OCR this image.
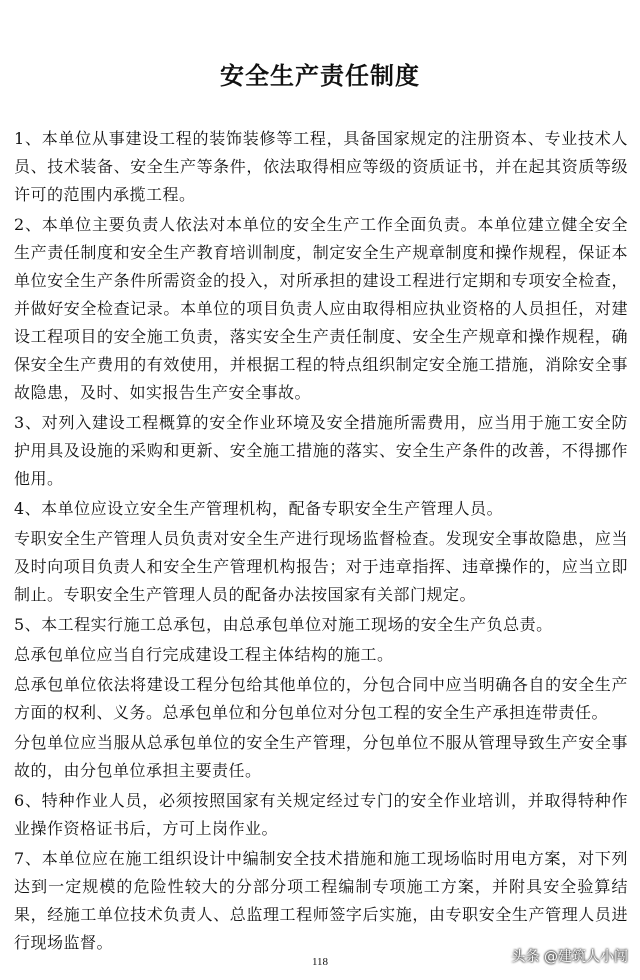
安全生产责任制度

1、本单位从事建设工程的装饰装修等工程，具备国家规定的注册资本、专业技术人员、技术装备、安全生产等条件，依法取得相应等级的资质证书，并在起其资质等级许可的范围内承揽工程。

2、本单位主要负责人依法对本单位的安全生产工作全面负责。本单位建立健全安全生产责任制度和安全生产教育培训制度，制定安全生产规章制度和操作规程，保证本单位安全生产条件所需资金的投入，对所承担的建设工程进行定期和专项安全检查，并做好安全检查记录。本单位的项目负责人应由取得相应执业资格的人员担任，对建设工程项目的安全施工负责，落实安全生产责任制度、安全生产规章和操作规程，确保安全生产费用的有效使用，并根据工程的特点组织制定安全施工措施，消除安全事故隐患，及时、如实报告生产安全事故。

3、对列入建设工程概算的安全作业环境及安全措施所需费用，应当用于施工安全防护用具及设施的采购和更新、安全施工措施的落实、安全生产条件的改善，不得挪作他用。

4、本单位应设立安全生产管理机构，配备专职安全生产管理人员。

专职安全生产管理人员负责对安全生产进行现场监督检查。发现安全事故隐患，应当及时向项目负责人和安全生产管理机构报告；对于违章指挥、违章操作的，应当立即制止。专职安全生产管理人员的配备办法按国家有关部门规定。

5、本工程实行施工总承包，由总承包单位对施工现场的安全生产负总责。

总承包单位应当自行完成建设工程主体结构的施工。

总承包单位依法将建设工程分包给其他单位的，分包合同中应当明确各自的安全生产方面的权利、义务。总承包单位和分包单位对分包工程的安全生产承担连带责任。

分包单位应当服从总承包单位的安全生产管理，分包单位不服从管理导致生产安全事故的，由分包单位承担主要责任。

6、特种作业人员，必须按照国家有关规定经过专门的安全作业培训，并取得特种作业操作资格证书后，方可上岗作业。

7、本单位应在施工组织设计中编制安全技术措施和施工现场临时用电方案，对下列达到一定规模的危险性较大的分部分项工程编制专项施工方案，并附具安全验算结果，经施工单位技术负责人、总监理工程师签字后实施，由专职安全生产管理人员进行现场监督。

118	头条 @建筑人小闯
